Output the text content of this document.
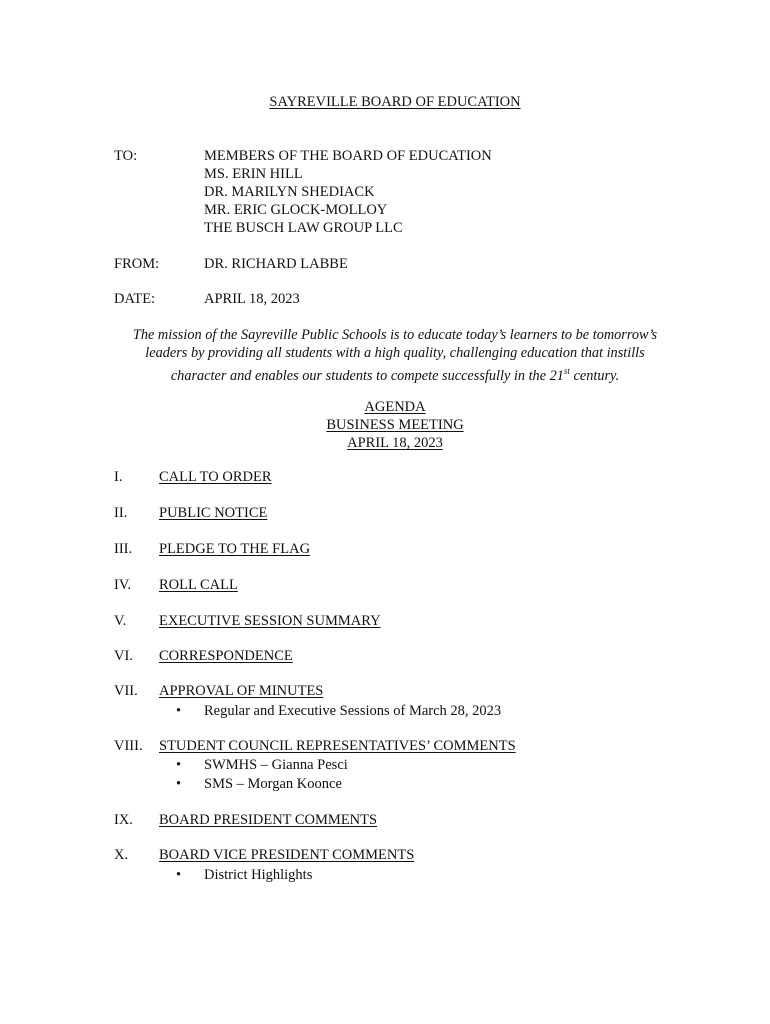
SAYREVILLE BOARD OF EDUCATION
TO:	MEMBERS OF THE BOARD OF EDUCATION
MS. ERIN HILL
DR. MARILYN SHEDIACK
MR. ERIC GLOCK-MOLLOY
THE BUSCH LAW GROUP LLC
FROM:	DR. RICHARD LABBE
DATE:	APRIL 18, 2023
The mission of the Sayreville Public Schools is to educate today’s learners to be tomorrow’s
leaders by providing all students with a high quality, challenging education that instills
character and enables our students to compete successfully in the 21st century.
AGENDA
BUSINESS MEETING
APRIL 18, 2023
I.	CALL TO ORDER
II. PUBLIC NOTICE
III. PLEDGE TO THE FLAG
IV. ROLL CALL
V. EXECUTIVE SESSION SUMMARY
VI. CORRESPONDENCE
VII. APPROVAL OF MINUTES
• Regular and Executive Sessions of March 28, 2023
VIII. STUDENT COUNCIL REPRESENTATIVES’ COMMENTS
• SWMHS – Gianna Pesci
• SMS – Morgan Koonce
IX. BOARD PRESIDENT COMMENTS
X. BOARD VICE PRESIDENT COMMENTS
• District Highlights
